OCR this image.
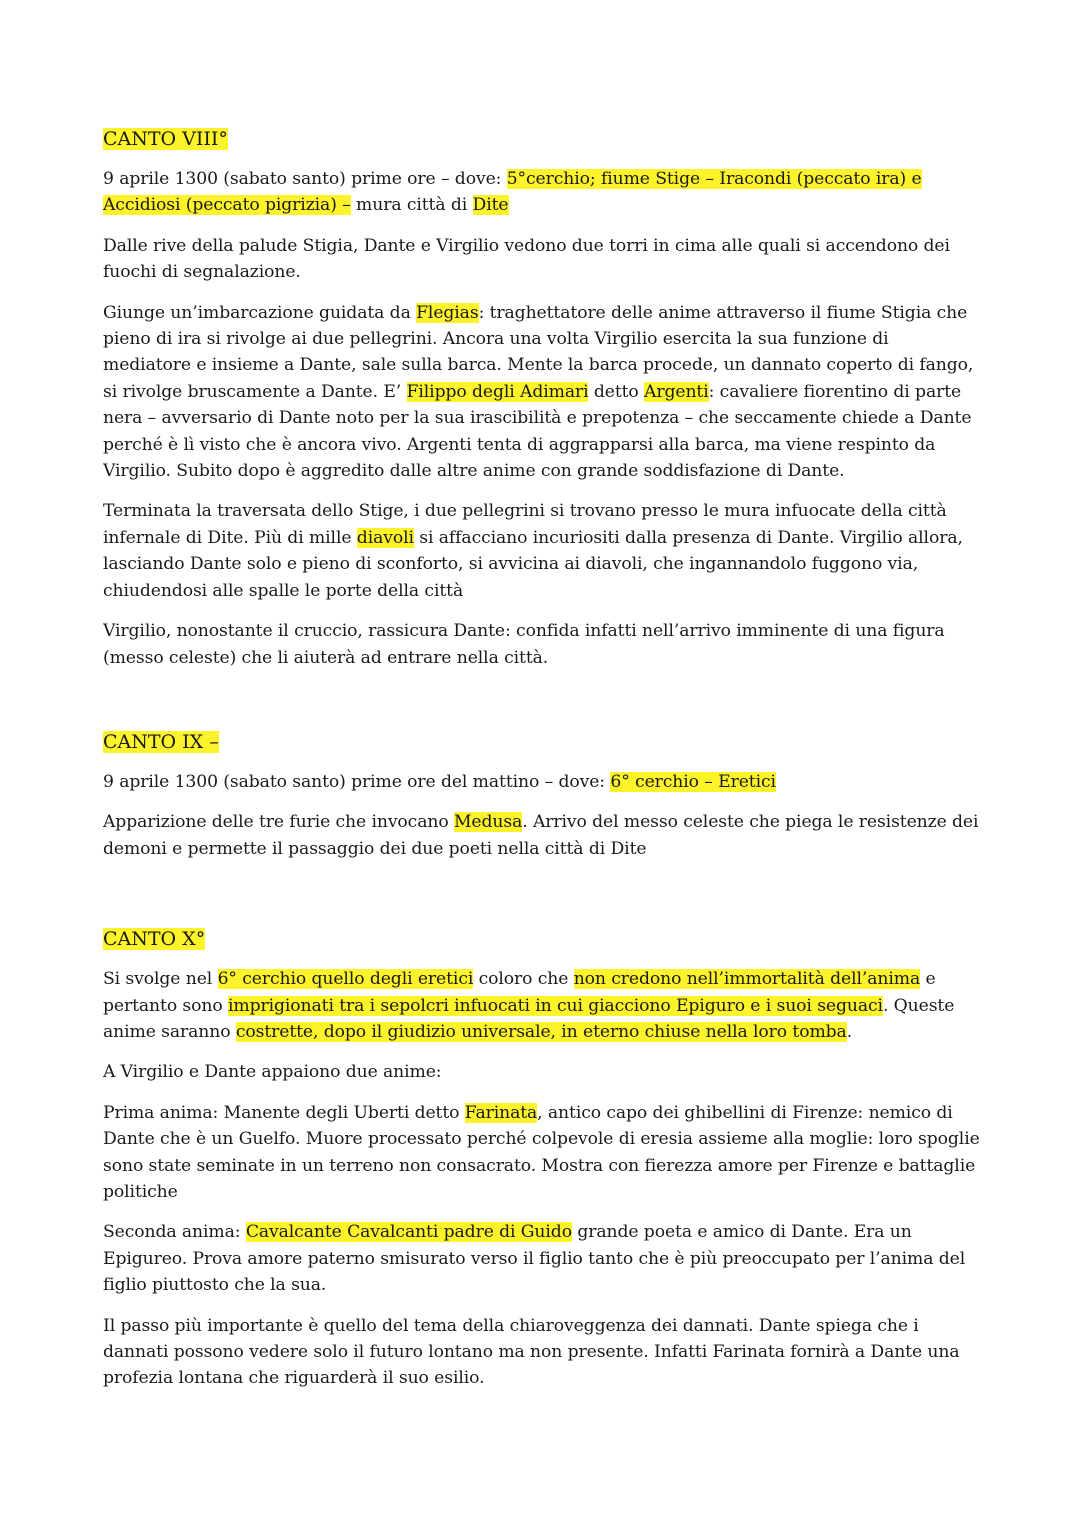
CANTO VIII°

9 aprile 1300 (sabato santo) prime ore – dove: 5°cerchio; fiume Stige – Iracondi (peccato ira) e Accidiosi (peccato pigrizia) – mura città di Dite

Dalle rive della palude Stigia, Dante e Virgilio vedono due torri in cima alle quali si accendono dei fuochi di segnalazione.

Giunge un’imbarcazione guidata da Flegias: traghettatore delle anime attraverso il fiume Stigia che pieno di ira si rivolge ai due pellegrini. Ancora una volta Virgilio esercita la sua funzione di mediatore e insieme a Dante, sale sulla barca. Mente la barca procede, un dannato coperto di fango, si rivolge bruscamente a Dante. E’ Filippo degli Adimari detto Argenti: cavaliere fiorentino di parte nera – avversario di Dante noto per la sua irascibilità e prepotenza – che seccamente chiede a Dante perché è lì visto che è ancora vivo. Argenti tenta di aggrapparsi alla barca, ma viene respinto da Virgilio. Subito dopo è aggredito dalle altre anime con grande soddisfazione di Dante.

Terminata la traversata dello Stige, i due pellegrini si trovano presso le mura infuocate della città infernale di Dite. Più di mille diavoli si affacciano incuriositi dalla presenza di Dante. Virgilio allora, lasciando Dante solo e pieno di sconforto, si avvicina ai diavoli, che ingannandolo fuggono via, chiudendosi alle spalle le porte della città

Virgilio, nonostante il cruccio, rassicura Dante: confida infatti nell’arrivo imminente di una figura (messo celeste) che li aiuterà ad entrare nella città.

CANTO IX –

9 aprile 1300 (sabato santo) prime ore del mattino – dove: 6° cerchio – Eretici

Apparizione delle tre furie che invocano Medusa. Arrivo del messo celeste che piega le resistenze dei demoni e permette il passaggio dei due poeti nella città di Dite

CANTO X°

Si svolge nel 6° cerchio quello degli eretici coloro che non credono nell’immortalità dell’anima e pertanto sono imprigionati tra i sepolcri infuocati in cui giacciono Epiguro e i suoi seguaci. Queste anime saranno costrette, dopo il giudizio universale, in eterno chiuse nella loro tomba.

A Virgilio e Dante appaiono due anime:

Prima anima: Manente degli Uberti detto Farinata, antico capo dei ghibellini di Firenze: nemico di Dante che è un Guelfo. Muore processato perché colpevole di eresia assieme alla moglie: loro spoglie sono state seminate in un terreno non consacrato. Mostra con fierezza amore per Firenze e battaglie politiche

Seconda anima: Cavalcante Cavalcanti padre di Guido grande poeta e amico di Dante. Era un Epigureo. Prova amore paterno smisurato verso il figlio tanto che è più preoccupato per l’anima del figlio piuttosto che la sua.

Il passo più importante è quello del tema della chiaroveggenza dei dannati. Dante spiega che i dannati possono vedere solo il futuro lontano ma non presente. Infatti Farinata fornirà a Dante una profezia lontana che riguarderà il suo esilio.
